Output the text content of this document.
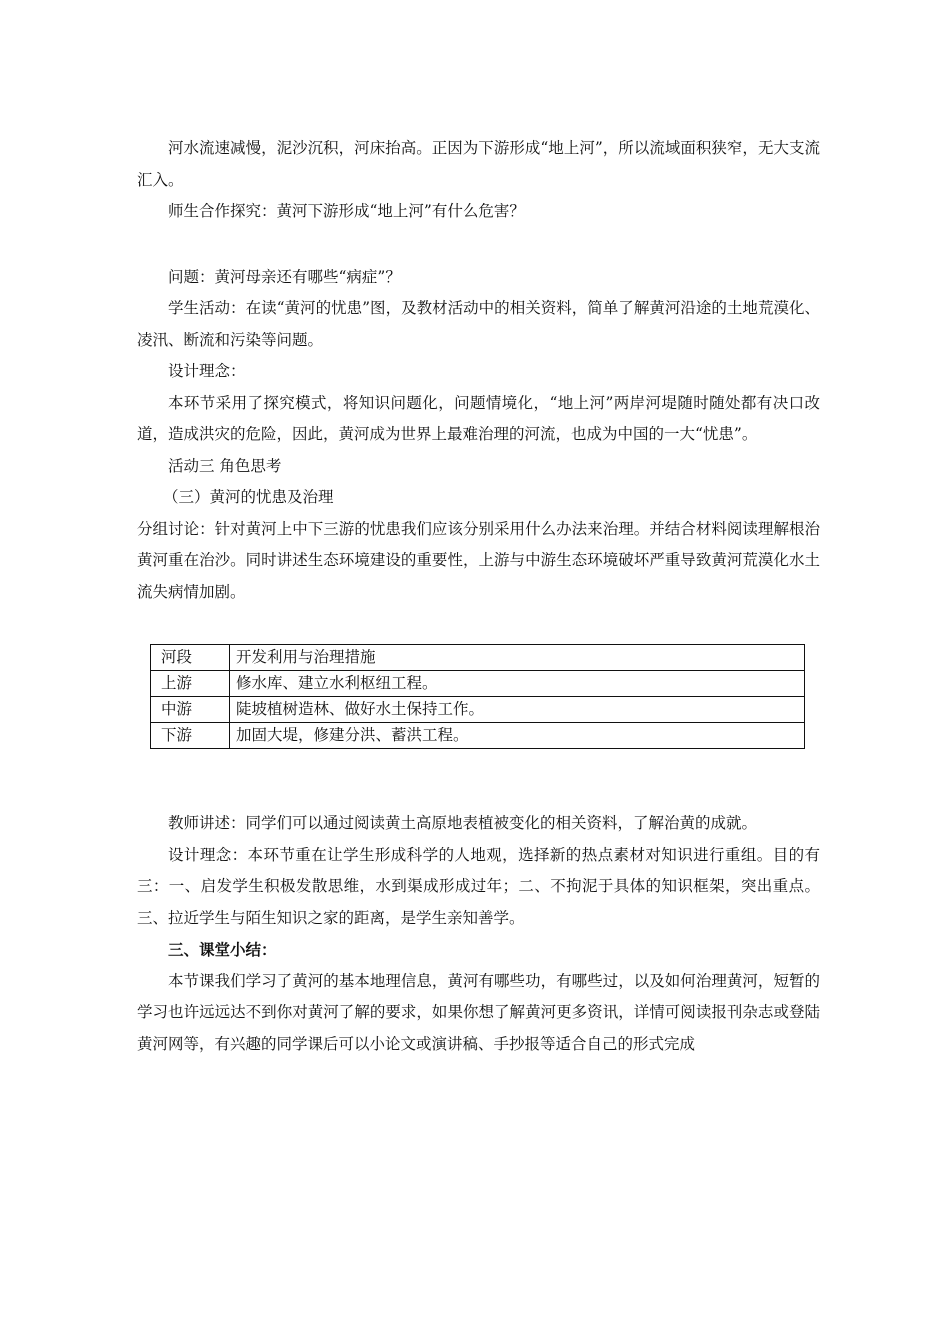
河水流速减慢，泥沙沉积，河床抬高。正因为下游形成“地上河”，所以流域面积狭窄，无大支流汇入。

师生合作探究：黄河下游形成“地上河”有什么危害？

问题：黄河母亲还有哪些“病症”？

学生活动：在读“黄河的忧患”图，及教材活动中的相关资料，简单了解黄河沿途的土地荒漠化、凌汛、断流和污染等问题。

设计理念：

本环节采用了探究模式，将知识问题化，问题情境化，“地上河”两岸河堤随时随处都有决口改道，造成洪灾的危险，因此，黄河成为世界上最难治理的河流，也成为中国的一大“忧患”。

活动三 角色思考

（三）黄河的忧患及治理

分组讨论：针对黄河上中下三游的忧患我们应该分别采用什么办法来治理。并结合材料阅读理解根治黄河重在治沙。同时讲述生态环境建设的重要性，上游与中游生态环境破坏严重导致黄河荒漠化水土流失病情加剧。

河段	开发利用与治理措施
上游	修水库、建立水利枢纽工程。
中游	陡坡植树造林、做好水土保持工作。
下游	加固大堤，修建分洪、蓄洪工程。

教师讲述：同学们可以通过阅读黄土高原地表植被变化的相关资料，了解治黄的成就。

设计理念：本环节重在让学生形成科学的人地观，选择新的热点素材对知识进行重组。目的有三：一、启发学生积极发散思维，水到渠成形成过年；二、不拘泥于具体的知识框架，突出重点。三、拉近学生与陌生知识之家的距离，是学生亲知善学。

三、课堂小结：

本节课我们学习了黄河的基本地理信息，黄河有哪些功，有哪些过，以及如何治理黄河，短暂的学习也许远远达不到你对黄河了解的要求，如果你想了解黄河更多资讯，详情可阅读报刊杂志或登陆黄河网等，有兴趣的同学课后可以小论文或演讲稿、手抄报等适合自己的形式完成
